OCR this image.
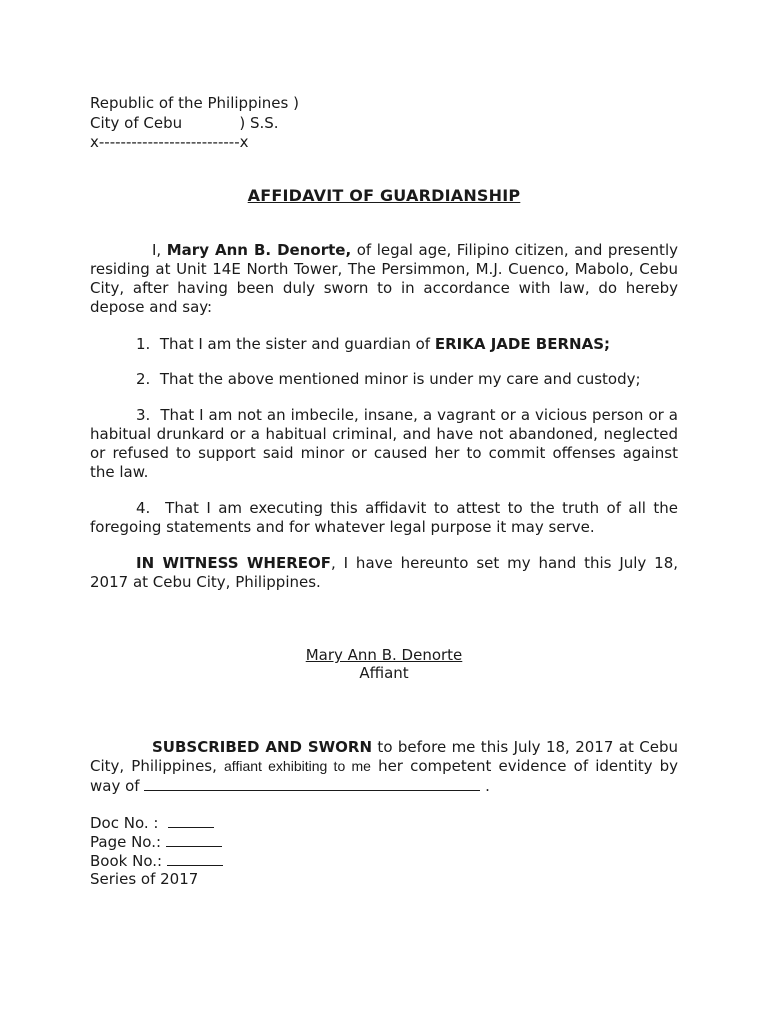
Republic of the Philippines )
City of Cebu            ) S.S.
x--------------------------x
AFFIDAVIT OF GUARDIANSHIP
I, Mary Ann B. Denorte, of legal age, Filipino citizen, and presently residing at Unit 14E North Tower, The Persimmon, M.J. Cuenco, Mabolo, Cebu City, after having been duly sworn to in accordance with law, do hereby depose and say:
1. That I am the sister and guardian of ERIKA JADE BERNAS;
2. That the above mentioned minor is under my care and custody;
3. That I am not an imbecile, insane, a vagrant or a vicious person or a habitual drunkard or a habitual criminal, and have not abandoned, neglected or refused to support said minor or caused her to commit offenses against the law.
4. That I am executing this affidavit to attest to the truth of all the foregoing statements and for whatever legal purpose it may serve.
IN WITNESS WHEREOF, I have hereunto set my hand this July 18, 2017 at Cebu City, Philippines.
Mary Ann B. Denorte
Affiant
SUBSCRIBED AND SWORN to before me this July 18, 2017 at Cebu City, Philippines, affiant exhibiting to me her competent evidence of identity by way of	.
Doc No. :
Page No.:
Book No.:
Series of 2017
